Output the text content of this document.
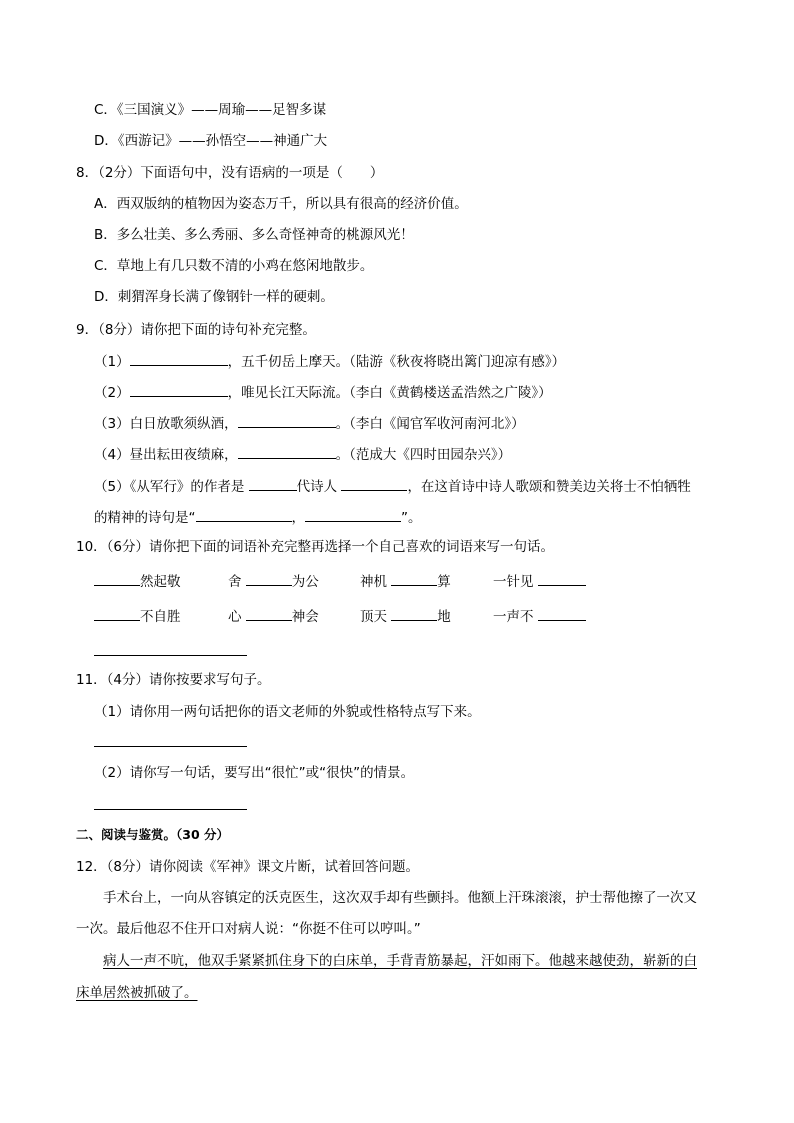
C．《三国演义》——周瑜——足智多谋
D．《西游记》——孙悟空——神通广大
8．（2分）下面语句中，没有语病的一项是（　　）
A．西双版纳的植物因为姿态万千，所以具有很高的经济价值。
B．多么壮美、多么秀丽、多么奇怪神奇的桃源风光！
C．草地上有几只数不清的小鸡在悠闲地散步。
D．刺猬浑身长满了像钢针一样的硬刺。
9．（8分）请你把下面的诗句补充完整。
（1）	，五千仞岳上摩天。（陆游《秋夜将晓出篱门迎凉有感》）
（2）	，唯见长江天际流。（李白《黄鹤楼送孟浩然之广陵》）
（3）白日放歌须纵酒，	。（李白《闻官军收河南河北》）
（4）昼出耘田夜绩麻，	。（范成大《四时田园杂兴》）
（5）《从军行》的作者是	代诗人	，在这首诗中诗人歌颂和赞美边关将士不怕牺牲
的精神的诗句是“	，	”。
10．（6分）请你把下面的词语补充完整再选择一个自己喜欢的词语来写一句话。
然起敬	舍	为公	神机	算	一针见
不自胜	心	神会	顶天	地	一声不
11．（4分）请你按要求写句子。
（1）请你用一两句话把你的语文老师的外貌或性格特点写下来。
（2）请你写一句话，要写出“很忙”或“很快”的情景。
二、阅读与鉴赏。（30 分）
12．（8分）请你阅读《军神》课文片断，试着回答问题。
手术台上，一向从容镇定的沃克医生，这次双手却有些颤抖。他额上汗珠滚滚，护士帮他擦了一次又
一次。最后他忍不住开口对病人说：“你挺不住可以哼叫。”
病人一声不吭，他双手紧紧抓住身下的白床单，手背青筋暴起，汗如雨下。他越来越使劲，崭新的白
床单居然被抓破了。
